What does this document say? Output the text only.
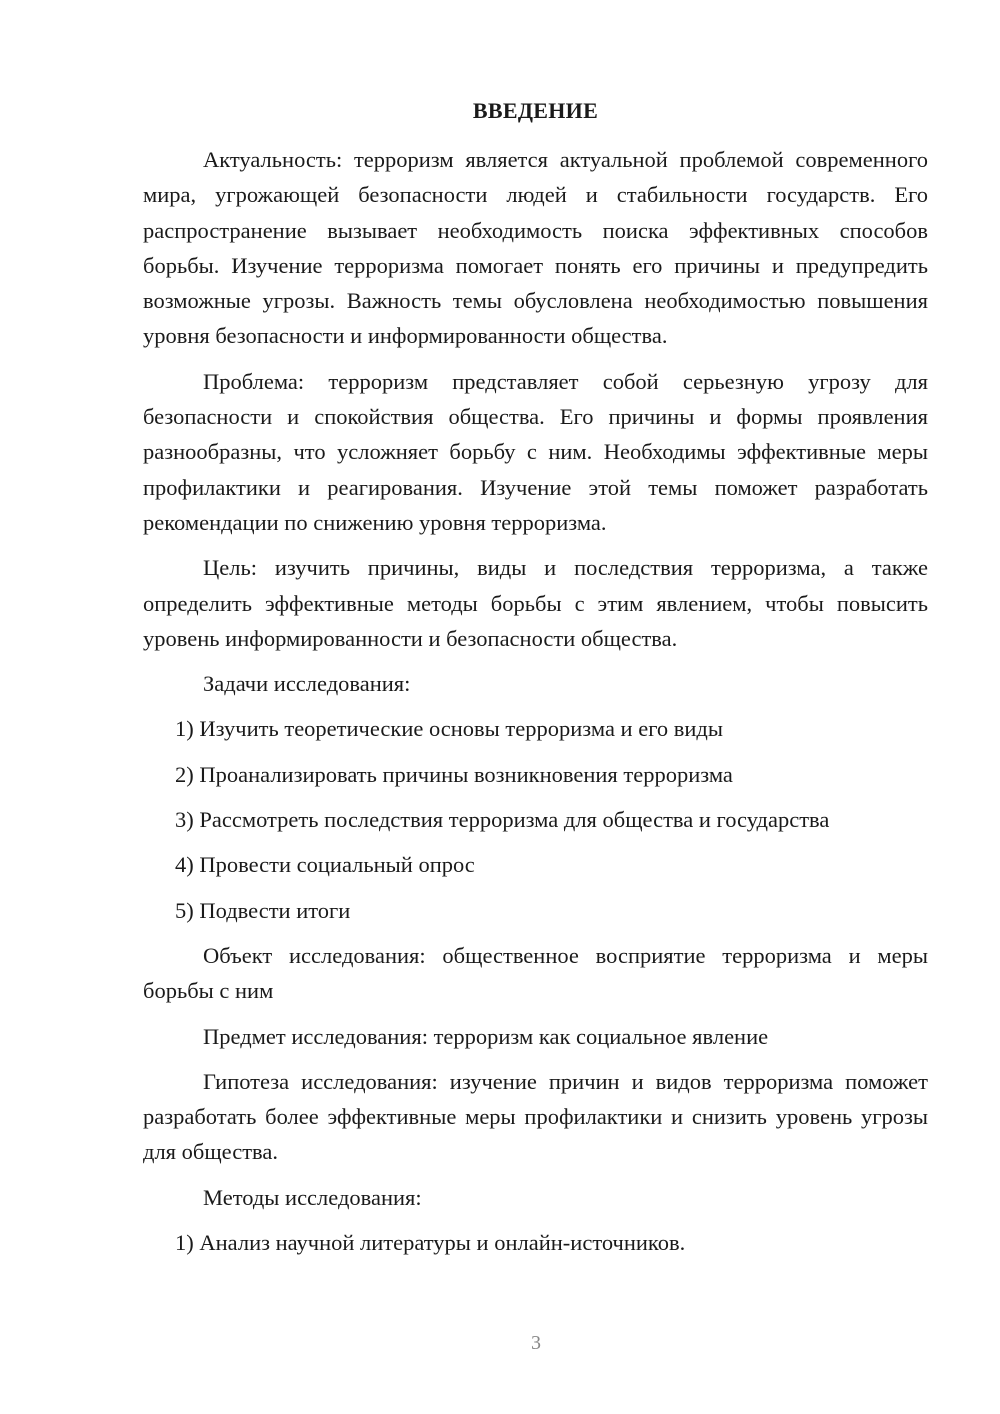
ВВЕДЕНИЕ

Актуальность: терроризм является актуальной проблемой современного мира, угрожающей безопасности людей и стабильности государств. Его распространение вызывает необходимость поиска эффективных способов борьбы. Изучение терроризма помогает понять его причины и предупредить возможные угрозы. Важность темы обусловлена необходимостью повышения уровня безопасности и информированности общества.

Проблема: терроризм представляет собой серьезную угрозу для безопасности и спокойствия общества. Его причины и формы проявления разнообразны, что усложняет борьбу с ним. Необходимы эффективные меры профилактики и реагирования. Изучение этой темы поможет разработать рекомендации по снижению уровня терроризма.

Цель: изучить причины, виды и последствия терроризма, а также определить эффективные методы борьбы с этим явлением, чтобы повысить уровень информированности и безопасности общества.

Задачи исследования:

1) Изучить теоретические основы терроризма и его виды

2) Проанализировать причины возникновения терроризма

3) Рассмотреть последствия терроризма для общества и государства

4) Провести социальный опрос

5) Подвести итоги

Объект исследования: общественное восприятие терроризма и меры борьбы с ним

Предмет исследования: терроризм как социальное явление

Гипотеза исследования: изучение причин и видов терроризма поможет разработать более эффективные меры профилактики и снизить уровень угрозы для общества.

Методы исследования:

1) Анализ научной литературы и онлайн-источников.

3
